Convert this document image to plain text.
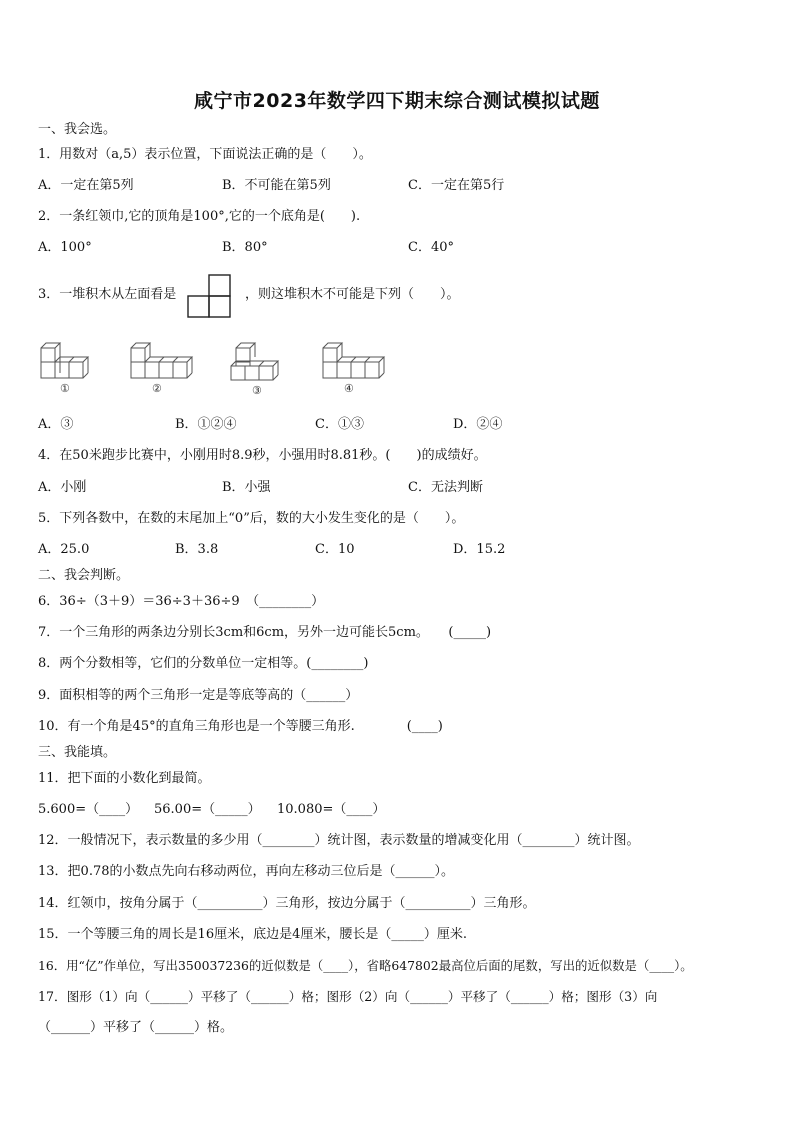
咸宁市2023年数学四下期末综合测试模拟试题
一、我会选。
1．用数对（a,5）表示位置，下面说法正确的是（　　）。
A．一定在第5列	B．不可能在第5列	C．一定在第5行
2．一条红领巾,它的顶角是100°,它的一个底角是(　　).
A．100°	B．80°	C．40°
3．一堆积木从左面看是	，则这堆积木不可能是下列（　　）。
①	②	③	④
A．③	B．①②④	C．①③	D．②④
4．在50米跑步比赛中，小刚用时8.9秒，小强用时8.81秒。(　　)的成绩好。
A．小刚	B．小强	C．无法判断
5．下列各数中，在数的末尾加上“0”后，数的大小发生变化的是（　　）。
A．25.0	B．3.8	C．10	D．15.2
二、我会判断。
6．36÷（3＋9）＝36÷3＋36÷9　（________）
7．一个三角形的两条边分别长3cm和6cm，另外一边可能长5cm。　　(_____)
8．两个分数相等，它们的分数单位一定相等。(________)
9．面积相等的两个三角形一定是等底等高的（______）
10．有一个角是45°的直角三角形也是一个等腰三角形.　　　　(____)
三、我能填。
11．把下面的小数化到最简。
5.600=（____） 56.00=（_____） 10.080=（____）
12．一般情况下，表示数量的多少用（________）统计图，表示数量的增减变化用（________）统计图。
13．把0.78的小数点先向右移动两位，再向左移动三位后是（______）。
14．红领巾，按角分属于（__________）三角形，按边分属于（__________）三角形。
15．一个等腰三角的周长是16厘米，底边是4厘米，腰长是（_____）厘米.
16．用“亿”作单位，写出350037236的近似数是（____），省略647802最高位后面的尾数，写出的近似数是（____）。
17．图形（1）向（______）平移了（______）格；图形（2）向（______）平移了（______）格；图形（3）向
（______）平移了（______）格。
